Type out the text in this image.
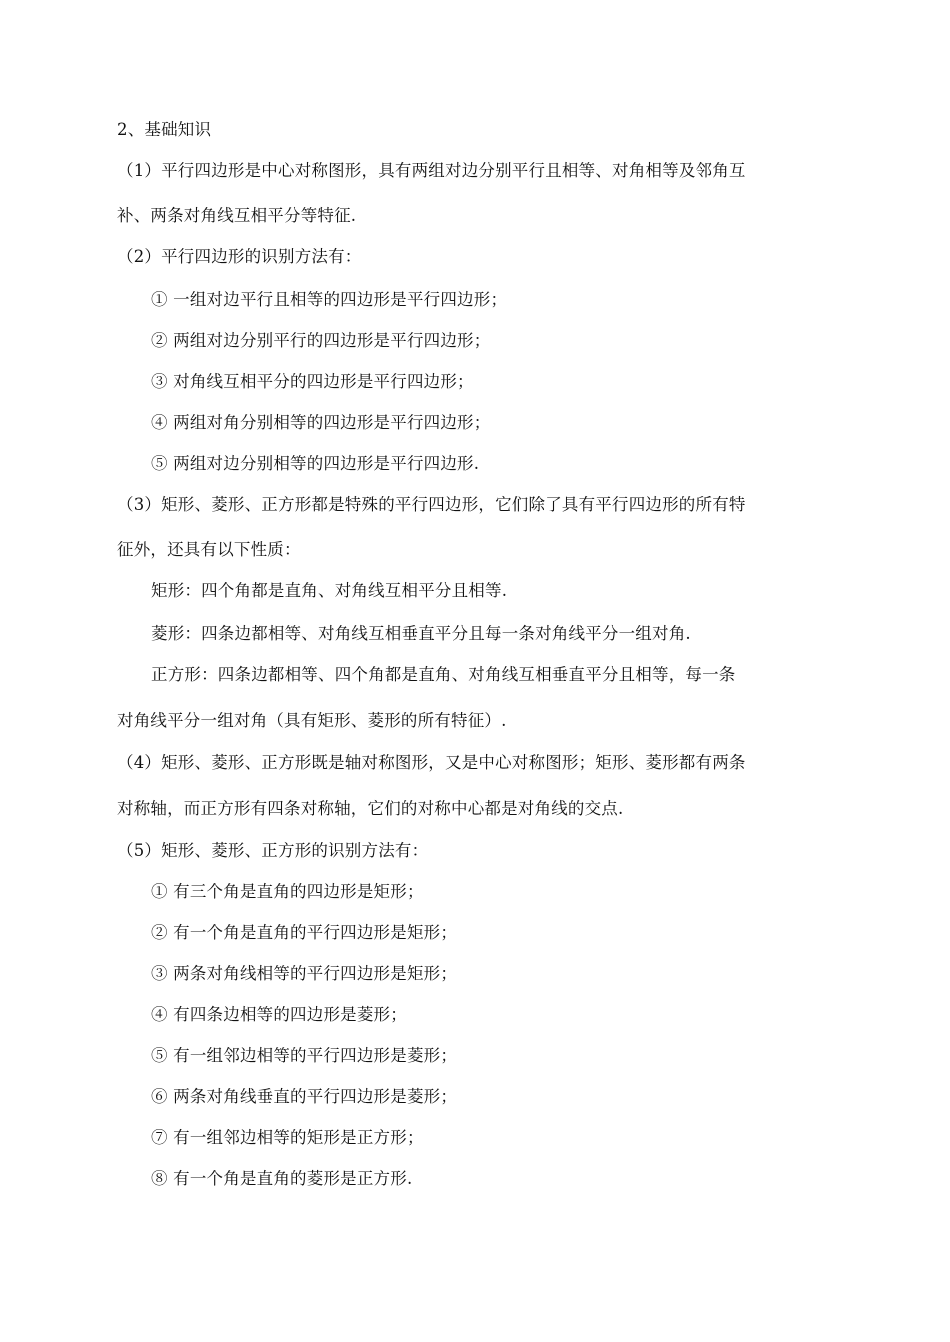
2、基础知识
（1）平行四边形是中心对称图形，具有两组对边分别平行且相等、对角相等及邻角互
补、两条对角线互相平分等特征.
（2）平行四边形的识别方法有：
① 一组对边平行且相等的四边形是平行四边形；
② 两组对边分别平行的四边形是平行四边形；
③ 对角线互相平分的四边形是平行四边形；
④ 两组对角分别相等的四边形是平行四边形；
⑤ 两组对边分别相等的四边形是平行四边形.
（3）矩形、菱形、正方形都是特殊的平行四边形，它们除了具有平行四边形的所有特
征外，还具有以下性质：
矩形：四个角都是直角、对角线互相平分且相等.
菱形：四条边都相等、对角线互相垂直平分且每一条对角线平分一组对角.
正方形：四条边都相等、四个角都是直角、对角线互相垂直平分且相等，每一条
对角线平分一组对角（具有矩形、菱形的所有特征）.
（4）矩形、菱形、正方形既是轴对称图形，又是中心对称图形；矩形、菱形都有两条
对称轴，而正方形有四条对称轴，它们的对称中心都是对角线的交点.
（5）矩形、菱形、正方形的识别方法有：
① 有三个角是直角的四边形是矩形；
② 有一个角是直角的平行四边形是矩形；
③ 两条对角线相等的平行四边形是矩形；
④ 有四条边相等的四边形是菱形；
⑤ 有一组邻边相等的平行四边形是菱形；
⑥ 两条对角线垂直的平行四边形是菱形；
⑦ 有一组邻边相等的矩形是正方形；
⑧ 有一个角是直角的菱形是正方形.
